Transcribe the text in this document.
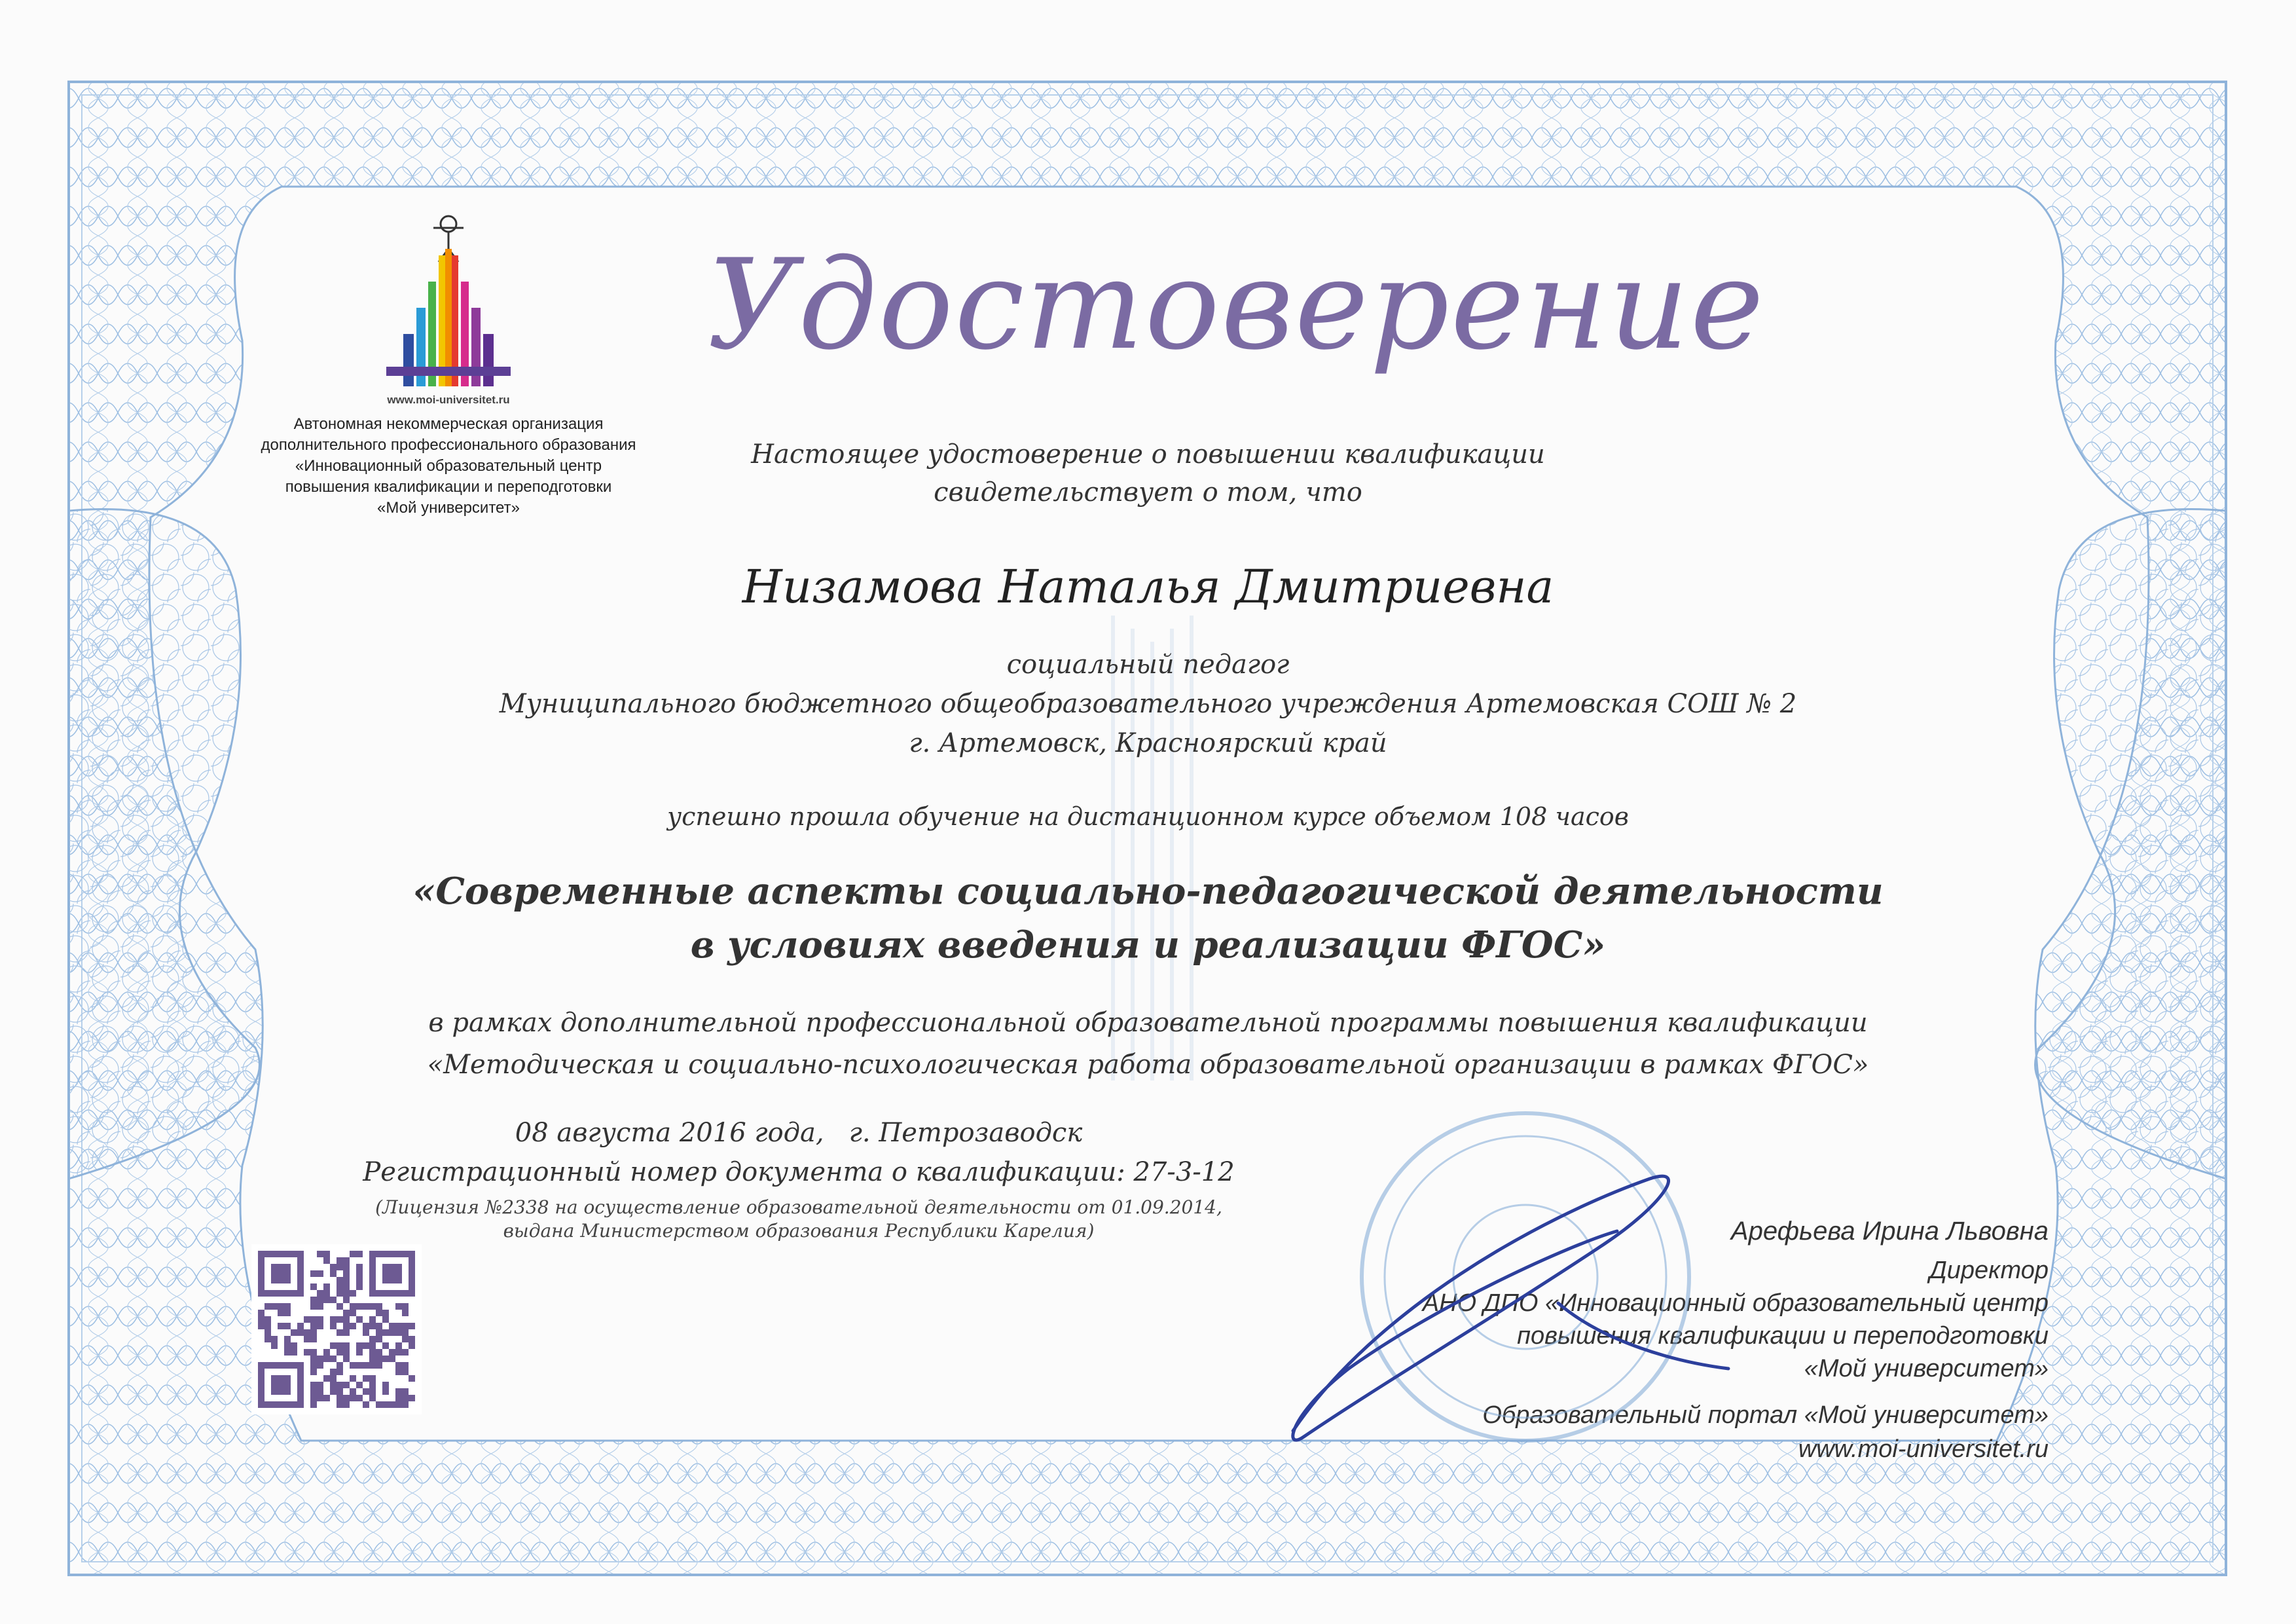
www.moi-universitet.ru
Автономная некоммерческая организация
дополнительного профессионального образования
«Инновационный образовательный центр
повышения квалификации и переподготовки
«Мой университет»
Удостоверение
Настоящее удостоверение о повышении квалификации
свидетельствует о том, что
Низамова Наталья Дмитриевна
социальный педагог
Муниципального бюджетного общеобразовательного учреждения Артемовская СОШ № 2
г. Артемовск, Красноярский край
успешно прошла обучение на дистанционном курсе объемом 108 часов
«Современные аспекты социально-педагогической деятельности
в условиях введения и реализации ФГОС»
в рамках дополнительной профессиональной образовательной программы повышения квалификации
«Методическая и социально-психологическая работа образовательной организации в рамках ФГОС»
08 августа 2016 года,   г. Петрозаводск
Регистрационный номер документа о квалификации: 27-3-12
(Лицензия №2338 на осуществление образовательной деятельности от 01.09.2014,
выдана Министерством образования Республики Карелия)	Арефьева Ирина Львовна
Директор
АНО ДПО «Инновационный образовательный центр
повышения квалификации и переподготовки
«Мой университет»
Образовательный портал «Мой университет»
www.moi-universitet.ru
